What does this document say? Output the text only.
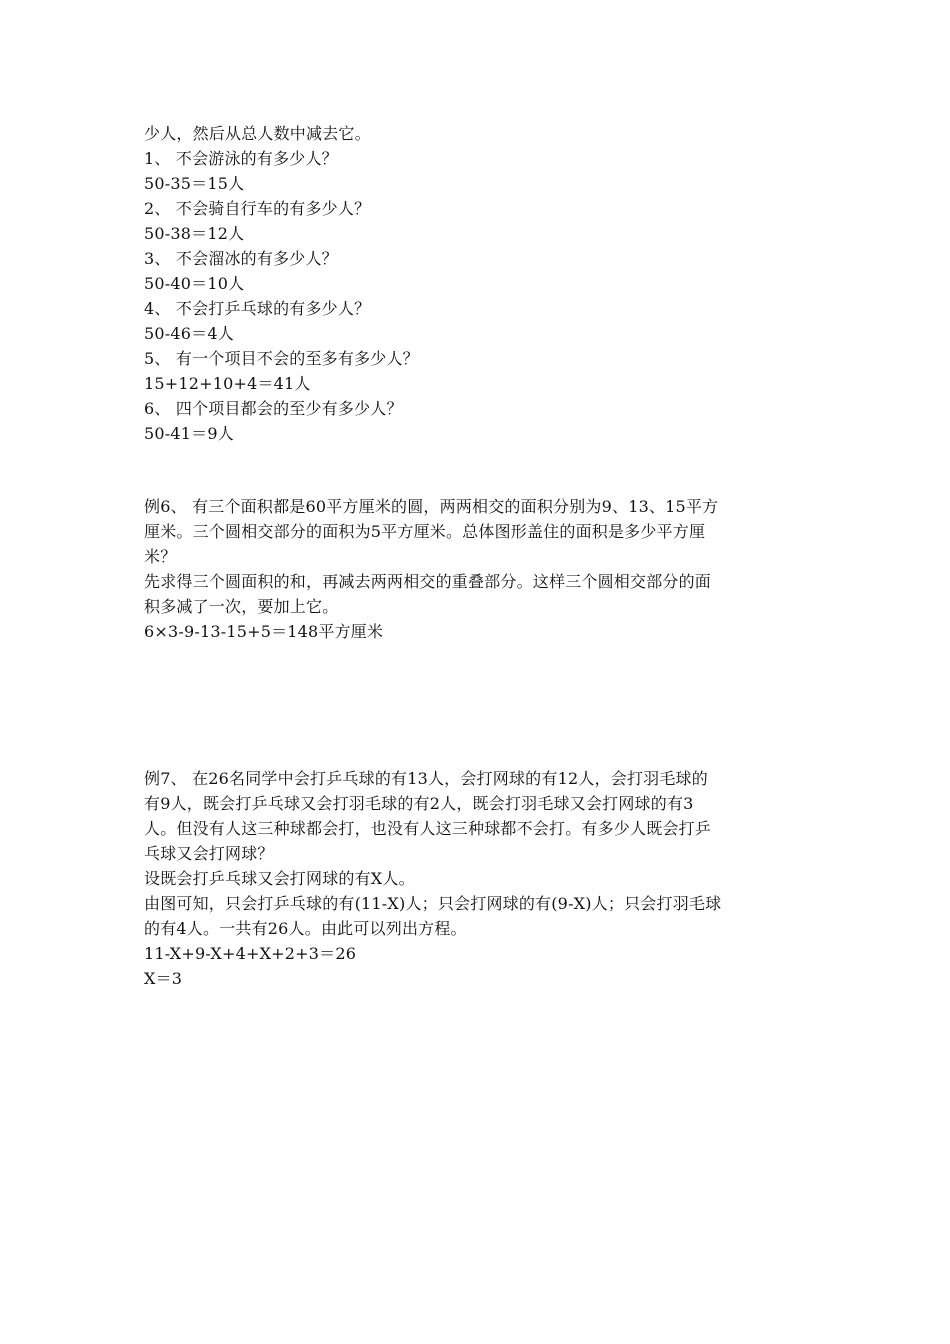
少人，然后从总人数中减去它。
1、 不会游泳的有多少人？
50-35＝15人
2、 不会骑自行车的有多少人？
50-38＝12人
3、 不会溜冰的有多少人？
50-40＝10人
4、 不会打乒乓球的有多少人？
50-46＝4人
5、 有一个项目不会的至多有多少人？
15+12+10+4＝41人
6、 四个项目都会的至少有多少人？
50-41＝9人
例6、 有三个面积都是60平方厘米的圆，两两相交的面积分别为9、13、15平方
厘米。三个圆相交部分的面积为5平方厘米。总体图形盖住的面积是多少平方厘
米？
先求得三个圆面积的和，再减去两两相交的重叠部分。这样三个圆相交部分的面
积多减了一次，要加上它。
6×3-9-13-15+5＝148平方厘米
例7、 在26名同学中会打乒乓球的有13人，会打网球的有12人，会打羽毛球的
有9人，既会打乒乓球又会打羽毛球的有2人，既会打羽毛球又会打网球的有3
人。但没有人这三种球都会打，也没有人这三种球都不会打。有多少人既会打乒
乓球又会打网球？
设既会打乒乓球又会打网球的有X人。
由图可知，只会打乒乓球的有(11-X)人；只会打网球的有(9-X)人；只会打羽毛球
的有4人。一共有26人。由此可以列出方程。
11-X+9-X+4+X+2+3＝26
X＝3
